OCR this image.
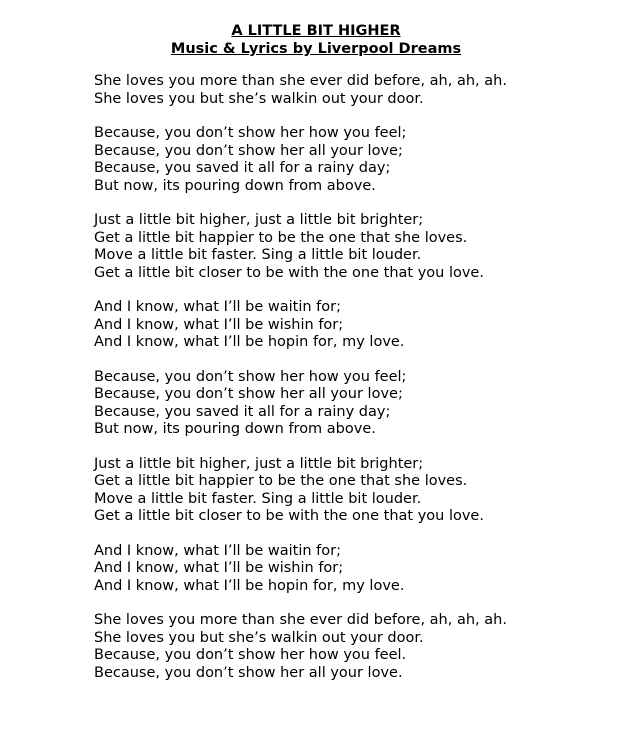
A LITTLE BIT HIGHER
Music & Lyrics by Liverpool Dreams
She loves you more than she ever did before, ah, ah, ah.
She loves you but she’s walkin out your door.
Because, you don’t show her how you feel;
Because, you don’t show her all your love;
Because, you saved it all for a rainy day;
But now, its pouring down from above.
Just a little bit higher, just a little bit brighter;
Get a little bit happier to be the one that she loves.
Move a little bit faster. Sing a little bit louder.
Get a little bit closer to be with the one that you love.
And I know, what I’ll be waitin for;
And I know, what I’ll be wishin for;
And I know, what I’ll be hopin for, my love.
Because, you don’t show her how you feel;
Because, you don’t show her all your love;
Because, you saved it all for a rainy day;
But now, its pouring down from above.
Just a little bit higher, just a little bit brighter;
Get a little bit happier to be the one that she loves.
Move a little bit faster. Sing a little bit louder.
Get a little bit closer to be with the one that you love.
And I know, what I’ll be waitin for;
And I know, what I’ll be wishin for;
And I know, what I’ll be hopin for, my love.
She loves you more than she ever did before, ah, ah, ah.
She loves you but she’s walkin out your door.
Because, you don’t show her how you feel.
Because, you don’t show her all your love.
